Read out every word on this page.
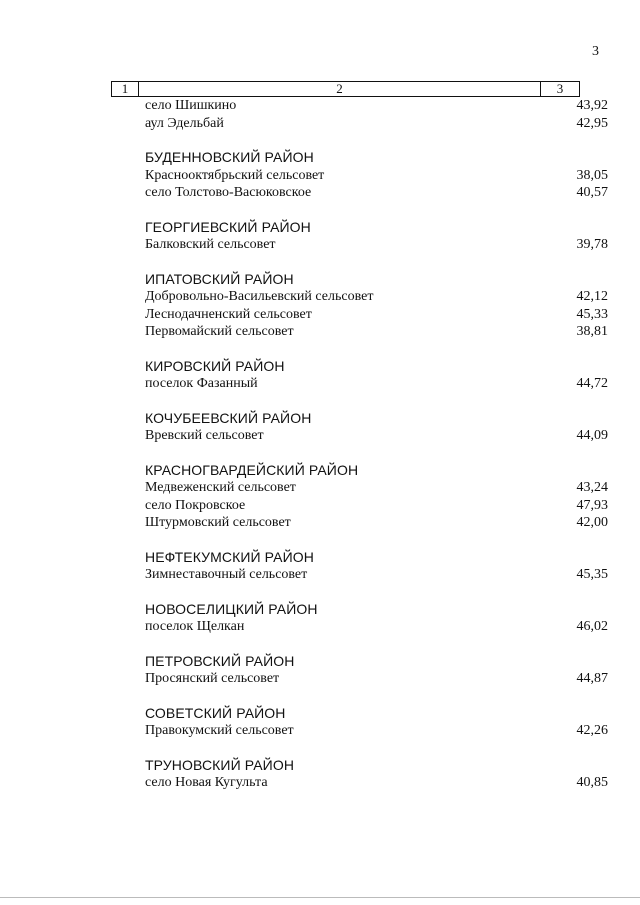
3
1	2	3
село Шишкино	43,92
аул Эдельбай	42,95
БУДЕННОВСКИЙ РАЙОН
Краснооктябрьский сельсовет	38,05
село Толстово-Васюковское	40,57
ГЕОРГИЕВСКИЙ РАЙОН
Балковский сельсовет	39,78
ИПАТОВСКИЙ РАЙОН
Добровольно-Васильевский сельсовет	42,12
Леснодачненский сельсовет	45,33
Первомайский сельсовет	38,81
КИРОВСКИЙ РАЙОН
поселок Фазанный	44,72
КОЧУБЕЕВСКИЙ РАЙОН
Вревский сельсовет	44,09
КРАСНОГВАРДЕЙСКИЙ РАЙОН
Медвеженский сельсовет	43,24
село Покровское	47,93
Штурмовский сельсовет	42,00
НЕФТЕКУМСКИЙ РАЙОН
Зимнеставочный сельсовет	45,35
НОВОСЕЛИЦКИЙ РАЙОН
поселок Щелкан	46,02
ПЕТРОВСКИЙ РАЙОН
Просянский сельсовет	44,87
СОВЕТСКИЙ РАЙОН
Правокумский сельсовет	42,26
ТРУНОВСКИЙ РАЙОН
село Новая Кугульта	40,85
